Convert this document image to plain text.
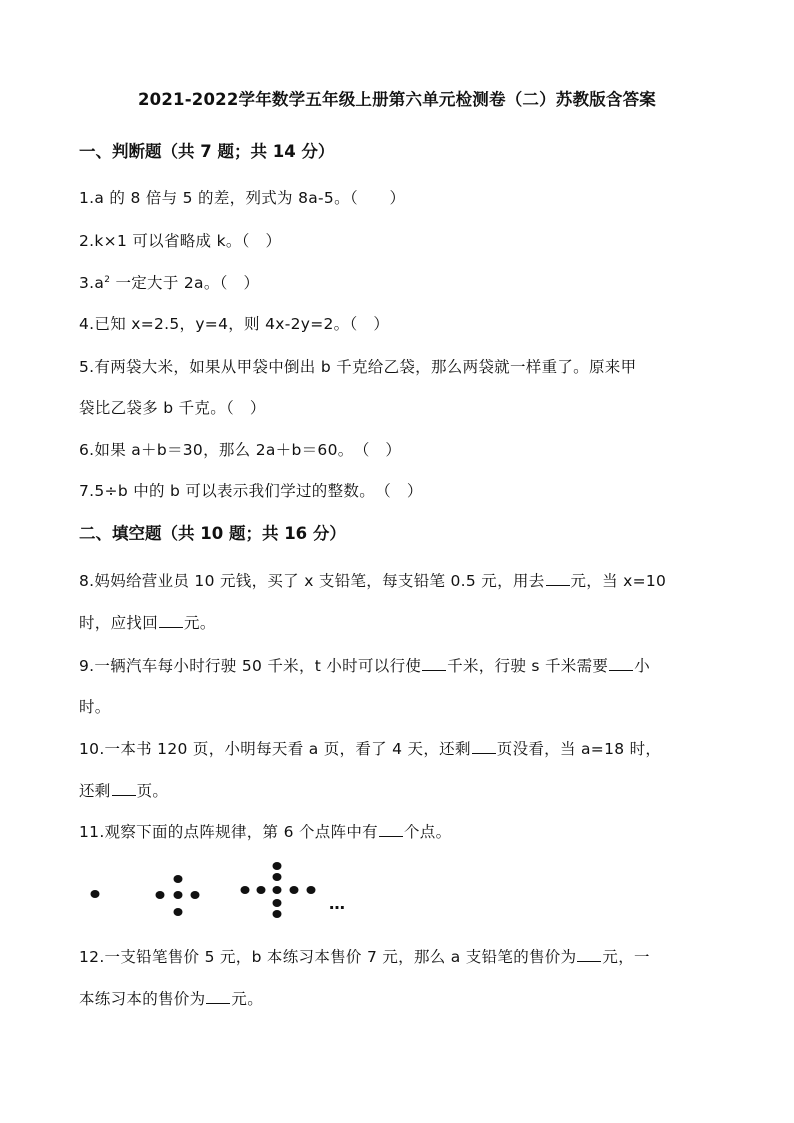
2021-2022学年数学五年级上册第六单元检测卷（二）苏教版含答案
一、判断题（共 7 题；共 14 分）
1.a 的 8 倍与 5 的差，列式为 8a-5。（　　）
2.k×1 可以省略成 k。（　）
$3.a^2$ 一定大于 2a。（　）
4.已知 x=2.5，y=4，则 4x-2y=2。（　）
5.有两袋大米，如果从甲袋中倒出 b 千克给乙袋，那么两袋就一样重了。原来甲
袋比乙袋多 b 千克。（　）
6.如果 a＋b＝30，那么 2a＋b＝60。　（　）
7.5÷b 中的 b 可以表示我们学过的整数。　（　）
二、填空题（共 10 题；共 16 分）
8.妈妈给营业员 10 元钱，买了 x 支铅笔，每支铅笔 0.5 元，用去 元，当 x=10
时，应找回 元。
9.一辆汽车每小时行驶 50 千米，t 小时可以行使 千米，行驶 s 千米需要 小
时。
10.一本书 120 页，小明每天看 a 页，看了 4 天，还剩 页没看，当 a=18 时，
还剩 页。
11.观察下面的点阵规律，第 6 个点阵中有 个点。
…
12.一支铅笔售价 5 元，b 本练习本售价 7 元，那么 a 支铅笔的售价为 元，一
本练习本的售价为 元。
